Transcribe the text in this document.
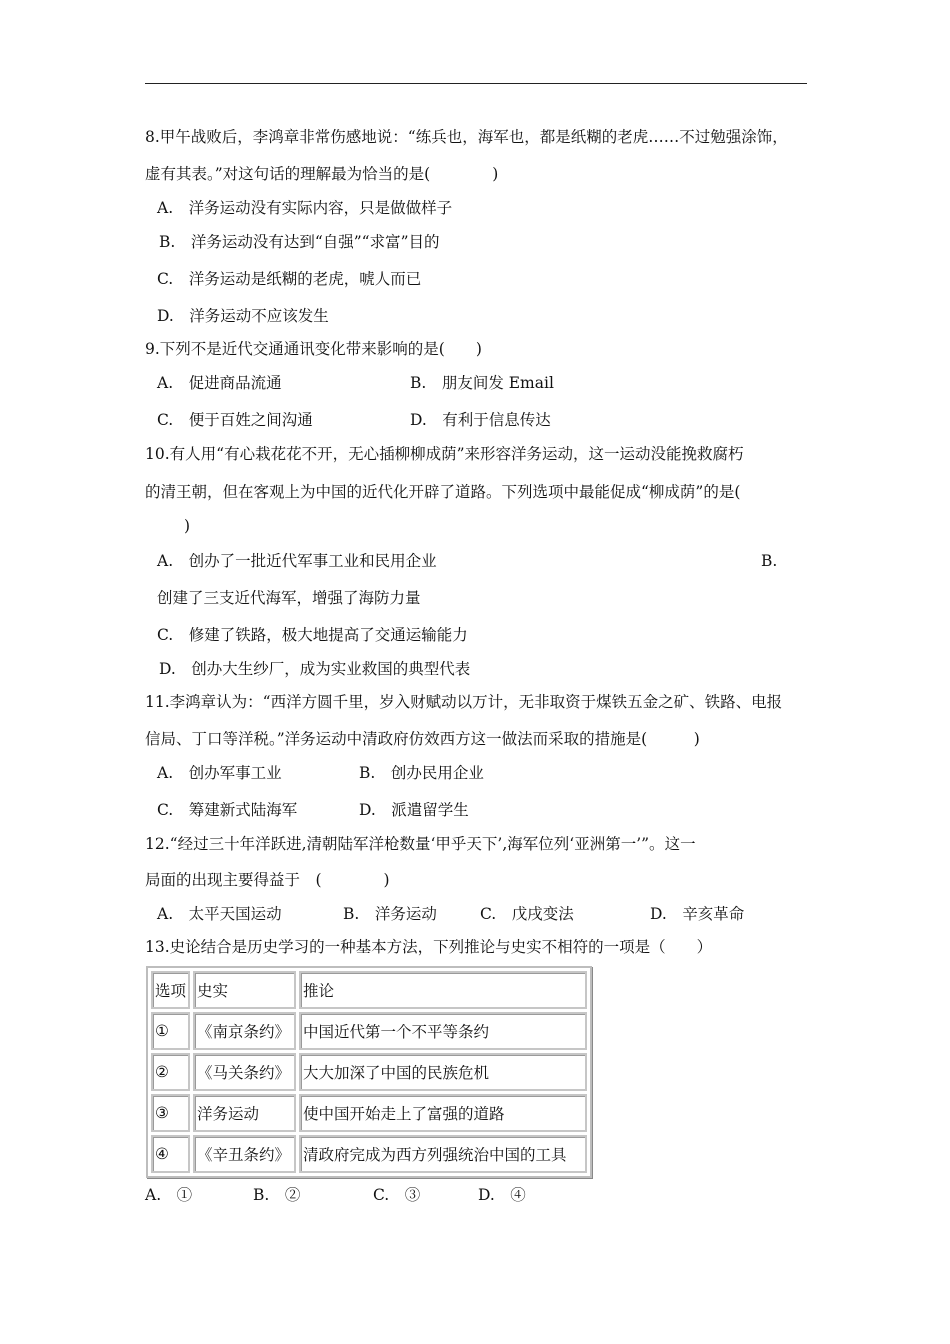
8.甲午战败后，李鸿章非常伤感地说：“练兵也，海军也，都是纸糊的老虎……不过勉强涂饰，
虚有其表。”对这句话的理解最为恰当的是(　　　　)
A.　洋务运动没有实际内容，只是做做样子
B.　洋务运动没有达到“自强”“求富”目的
C.　洋务运动是纸糊的老虎，唬人而已
D.　洋务运动不应该发生
9.下列不是近代交通通讯变化带来影响的是(　　)
A.　促进商品流通	B.　朋友间发 Email
C.　便于百姓之间沟通	D.　有利于信息传达
10.有人用“有心栽花花不开，无心插柳柳成荫”来形容洋务运动，这一运动没能挽救腐朽
的清王朝，但在客观上为中国的近代化开辟了道路。下列选项中最能促成“柳成荫”的是(
)
A.　创办了一批近代军事工业和民用企业	B.
创建了三支近代海军，增强了海防力量
C.　修建了铁路，极大地提高了交通运输能力
D.　创办大生纱厂，成为实业救国的典型代表
11.李鸿章认为：“西洋方圆千里，岁入财赋动以万计，无非取资于煤铁五金之矿、铁路、电报
信局、丁口等洋税。”洋务运动中清政府仿效西方这一做法而采取的措施是(　　　)
A.　创办军事工业	B.　创办民用企业
C.　筹建新式陆海军	D.　派遣留学生
12.“经过三十年洋跃进,清朝陆军洋枪数量‘甲乎天下’,海军位列‘亚洲第一’”。这一
局面的出现主要得益于　(　　　　)
A.　太平天国运动	B.　洋务运动	C.　戊戌变法	D.　辛亥革命
13.史论结合是历史学习的一种基本方法，下列推论与史实不相符的一项是（　　）
选项	史实	推论
①	《南京条约》	中国近代第一个不平等条约
②	《马关条约》	大大加深了中国的民族危机
③	洋务运动	使中国开始走上了富强的道路
④	《辛丑条约》	清政府完成为西方列强统治中国的工具
A.　①	B.　②	C.　③	D.　④
